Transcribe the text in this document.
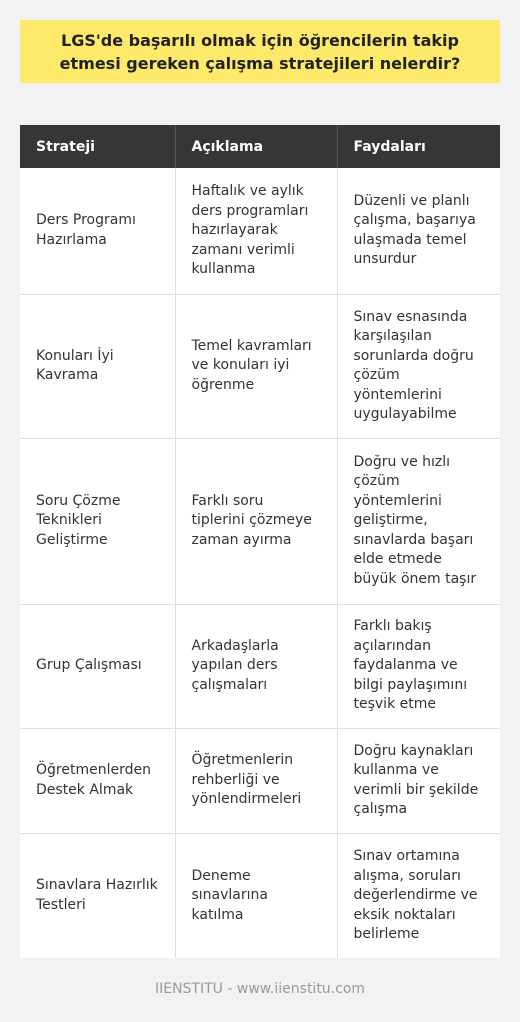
LGS'de başarılı olmak için öğrencilerin takip etmesi gereken çalışma stratejileri nelerdir?
Strateji	Açıklama	Faydaları
Ders Programı Hazırlama	Haftalık ve aylık ders programları hazırlayarak zamanı verimli kullanma	Düzenli ve planlı çalışma, başarıya ulaşmada temel unsurdur
Konuları İyi Kavrama	Temel kavramları ve konuları iyi öğrenme	Sınav esnasında karşılaşılan sorunlarda doğru çözüm yöntemlerini uygulayabilme
Soru Çözme Teknikleri Geliştirme	Farklı soru tiplerini çözmeye zaman ayırma	Doğru ve hızlı çözüm yöntemlerini geliştirme, sınavlarda başarı elde etmede büyük önem taşır
Grup Çalışması	Arkadaşlarla yapılan ders çalışmaları	Farklı bakış açılarından faydalanma ve bilgi paylaşımını teşvik etme
Öğretmenlerden Destek Almak	Öğretmenlerin rehberliği ve yönlendirmeleri	Doğru kaynakları kullanma ve verimli bir şekilde çalışma
Sınavlara Hazırlık Testleri	Deneme sınavlarına katılma	Sınav ortamına alışma, soruları değerlendirme ve eksik noktaları belirleme
IIENSTITU - www.iienstitu.com
